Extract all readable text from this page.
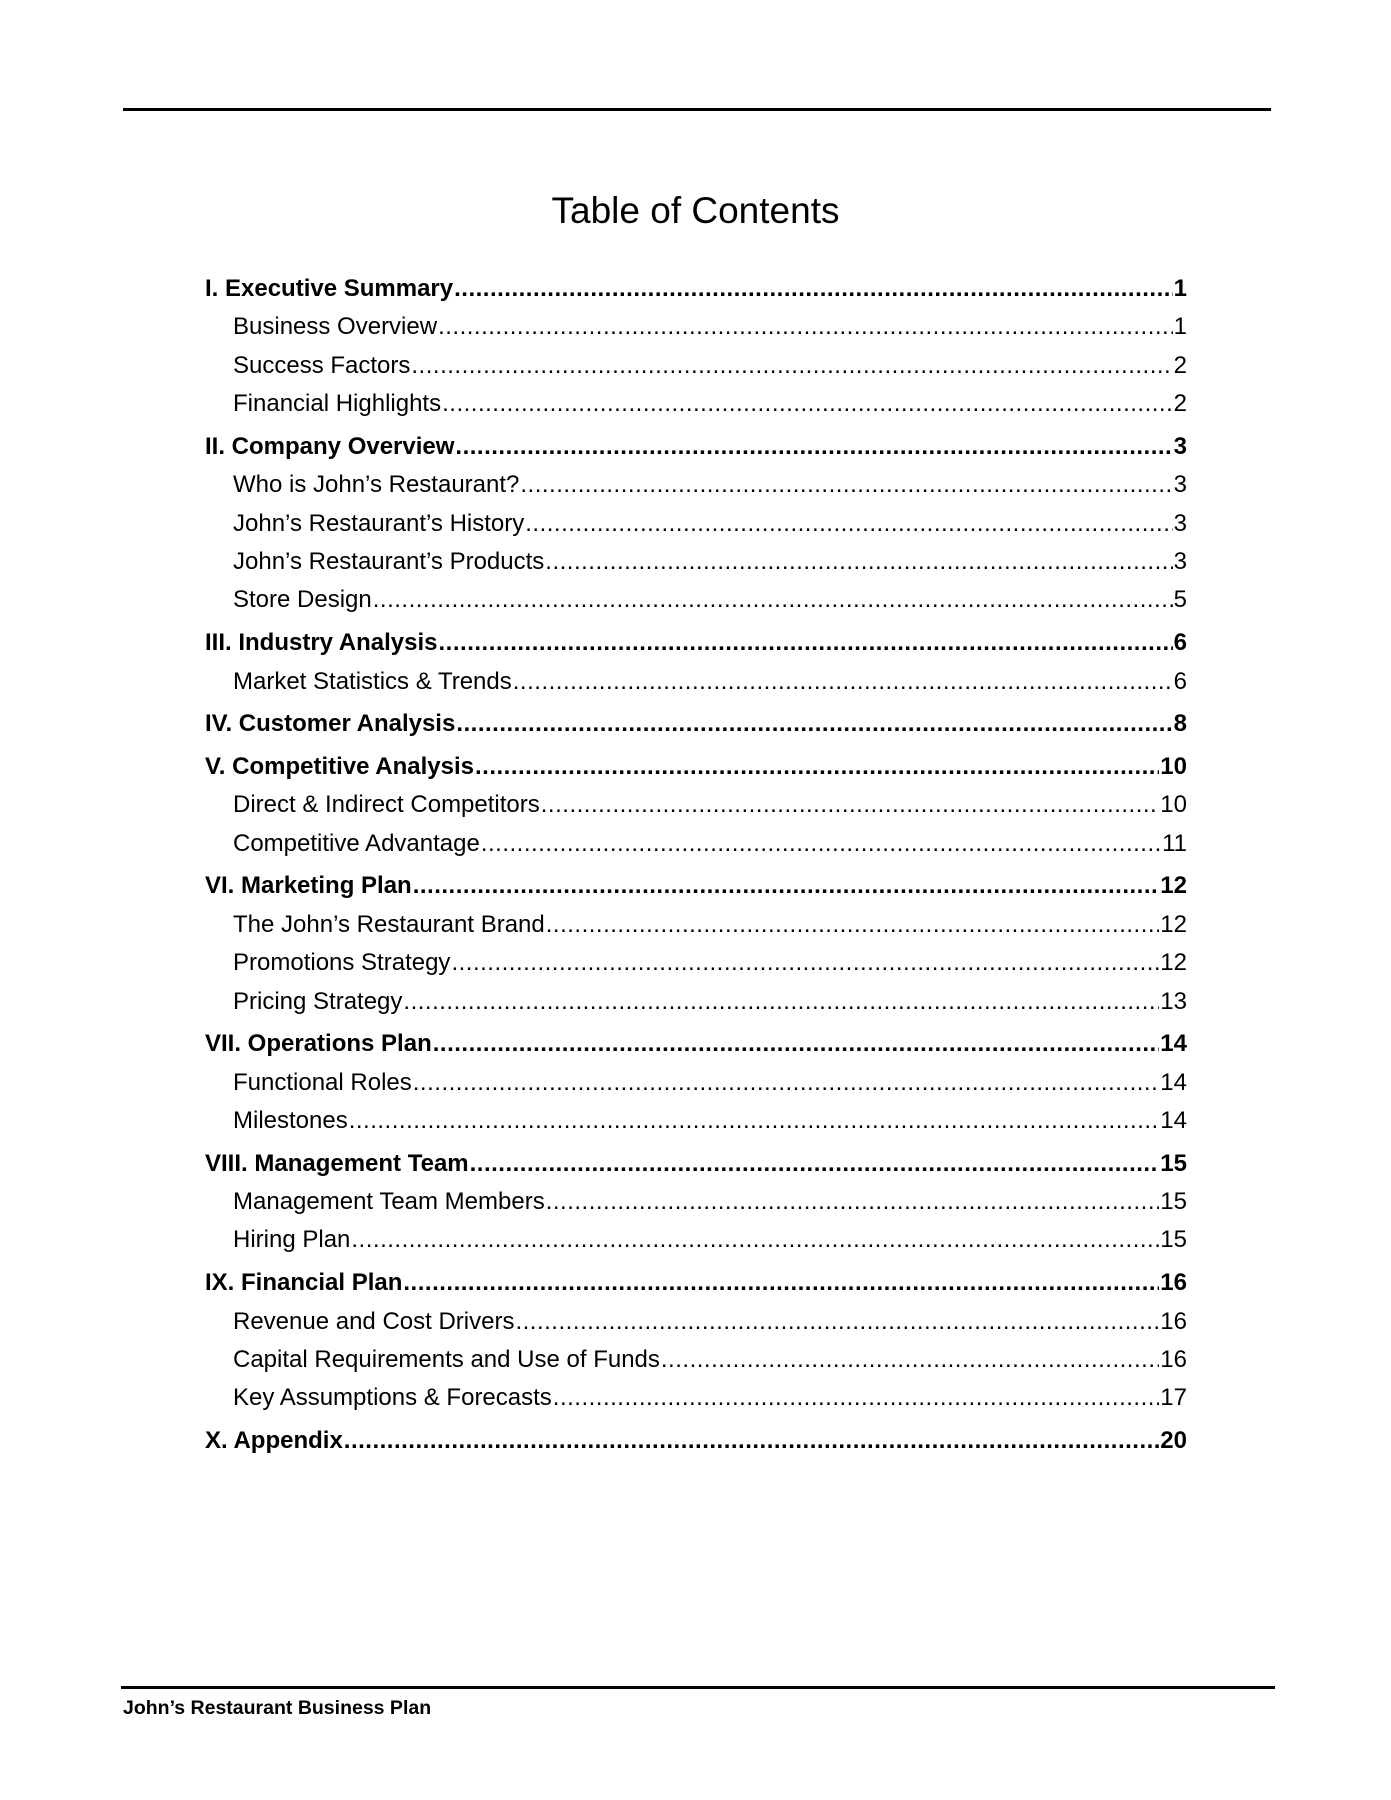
Table of Contents
I. Executive Summary .....	1
Business Overview .....	1
Success Factors .....	2
Financial Highlights .....	2
II. Company Overview .....	3
Who is John’s Restaurant? .....	3
John’s Restaurant’s History .....	3
John’s Restaurant’s Products .....	3
Store Design .....	5
III. Industry Analysis .....	6
Market Statistics & Trends .....	6
IV. Customer Analysis .....	8
V. Competitive Analysis .....	10
Direct & Indirect Competitors .....	10
Competitive Advantage .....	11
VI. Marketing Plan .....	12
The John’s Restaurant Brand .....	12
Promotions Strategy .....	12
Pricing Strategy .....	13
VII. Operations Plan .....	14
Functional Roles .....	14
Milestones .....	14
VIII. Management Team .....	15
Management Team Members .....	15
Hiring Plan .....	15
IX. Financial Plan .....	16
Revenue and Cost Drivers .....	16
Capital Requirements and Use of Funds .....	16
Key Assumptions & Forecasts .....	17
X. Appendix .....	20
John’s Restaurant Business Plan
